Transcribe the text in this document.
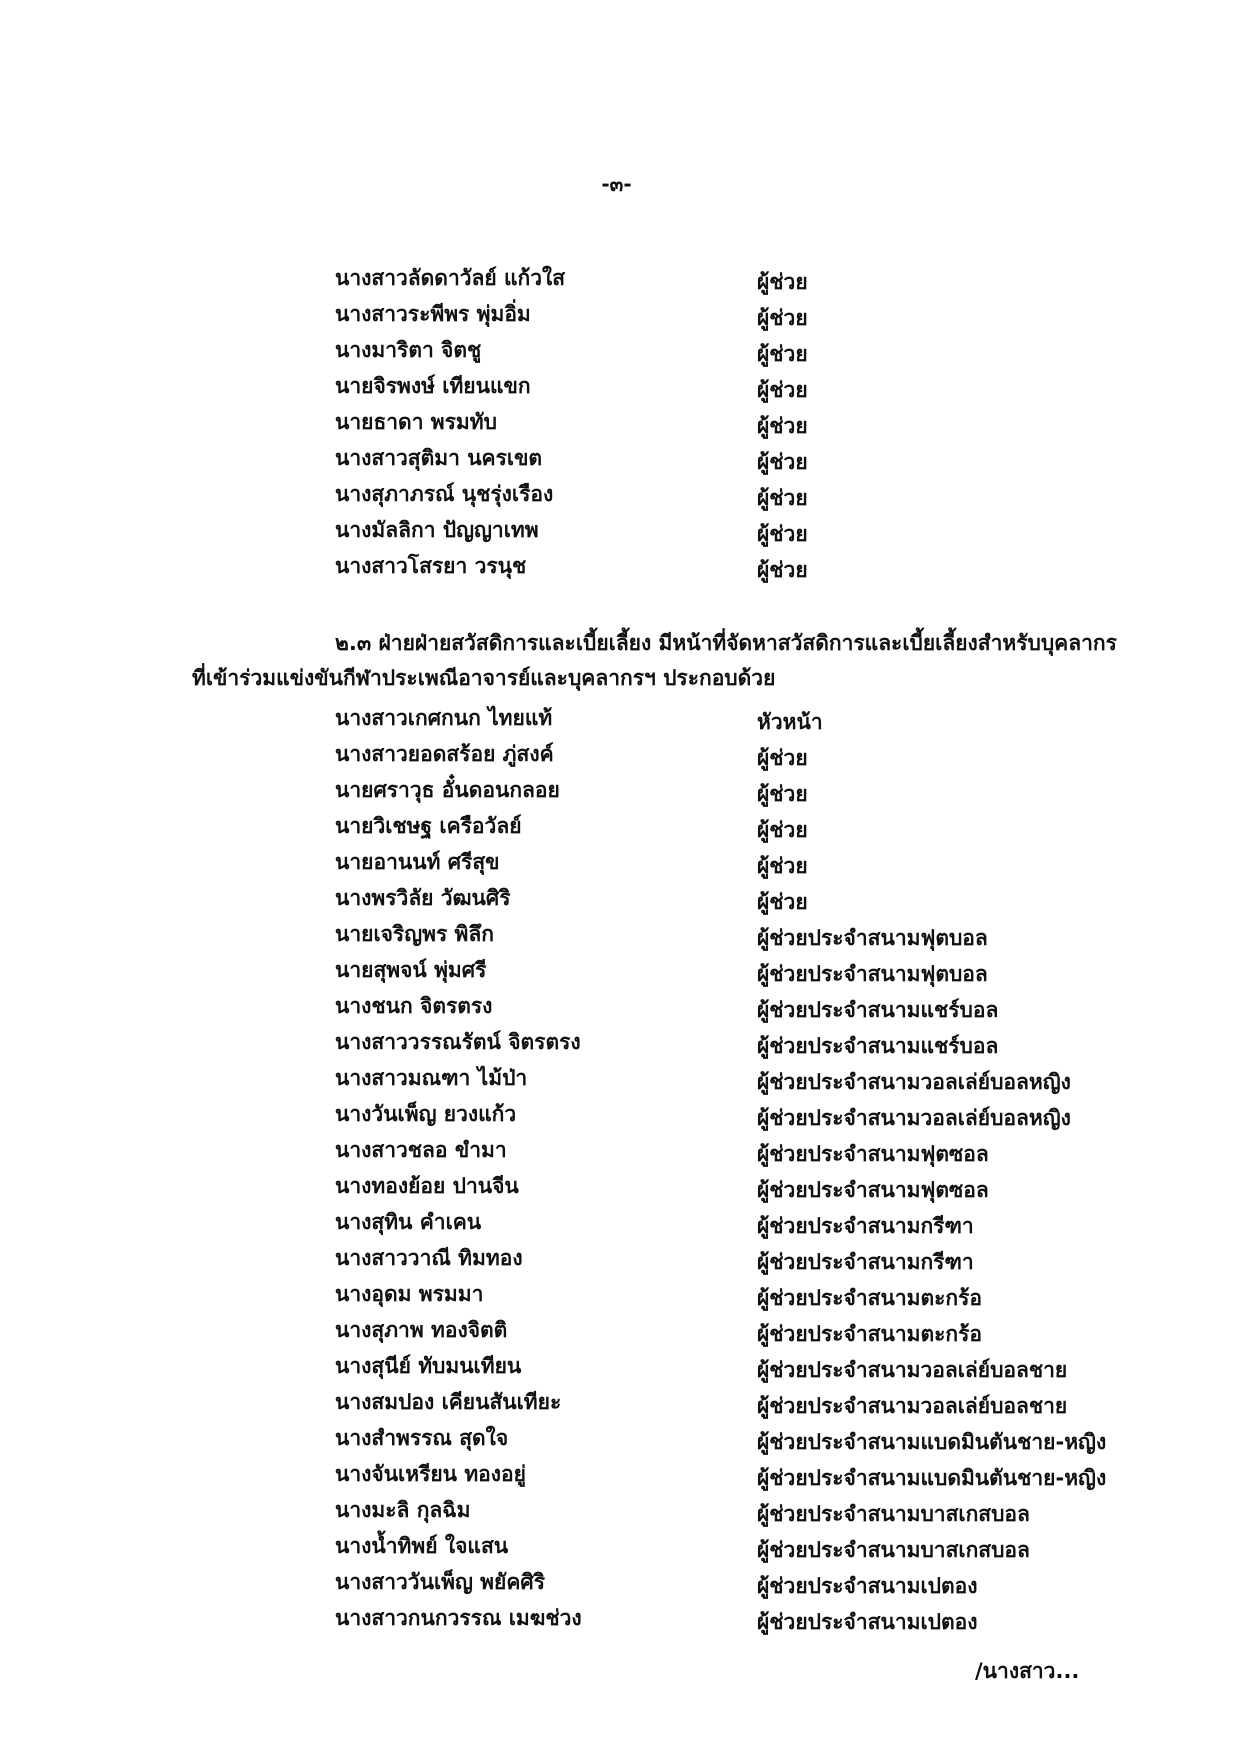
-๓-
นางสาวลัดดาวัลย์ แก้วใส	ผู้ช่วย
นางสาวระพีพร พุ่มอิ่ม	ผู้ช่วย
นางมาริตา จิตชู	ผู้ช่วย
นายจิรพงษ์ เทียนแขก	ผู้ช่วย
นายธาดา พรมทับ	ผู้ช่วย
นางสาวสุติมา นครเขต	ผู้ช่วย
นางสุภาภรณ์ นุชรุ่งเรือง	ผู้ช่วย
นางมัลลิกา ปัญญาเทพ	ผู้ช่วย
นางสาวโสรยา วรนุช	ผู้ช่วย
๒.๓ ฝ่ายฝ่ายสวัสดิการและเบี้ยเลี้ยง มีหน้าที่จัดหาสวัสดิการและเบี้ยเลี้ยงสำหรับบุคลากร
ที่เข้าร่วมแข่งขันกีฬาประเพณีอาจารย์และบุคลากรฯ ประกอบด้วย
นางสาวเกศกนก ไทยแท้	หัวหน้า
นางสาวยอดสร้อย ภู่สงค์	ผู้ช่วย
นายศราวุธ อั๋นดอนกลอย	ผู้ช่วย
นายวิเชษฐ เครือวัลย์	ผู้ช่วย
นายอานนท์ ศรีสุข	ผู้ช่วย
นางพรวิลัย วัฒนศิริ	ผู้ช่วย
นายเจริญพร พิลึก	ผู้ช่วยประจำสนามฟุตบอล
นายสุพจน์ พุ่มศรี	ผู้ช่วยประจำสนามฟุตบอล
นางชนก จิตรตรง	ผู้ช่วยประจำสนามแชร์บอล
นางสาววรรณรัตน์ จิตรตรง	ผู้ช่วยประจำสนามแชร์บอล
นางสาวมณฑา ไม้ป่า	ผู้ช่วยประจำสนามวอลเล่ย์บอลหญิง
นางวันเพ็ญ ยวงแก้ว	ผู้ช่วยประจำสนามวอลเล่ย์บอลหญิง
นางสาวชลอ ขำมา	ผู้ช่วยประจำสนามฟุตซอล
นางทองย้อย ปานจีน	ผู้ช่วยประจำสนามฟุตซอล
นางสุทิน คำเคน	ผู้ช่วยประจำสนามกรีฑา
นางสาววาณี ทิมทอง	ผู้ช่วยประจำสนามกรีฑา
นางอุดม พรมมา	ผู้ช่วยประจำสนามตะกร้อ
นางสุภาพ ทองจิตติ	ผู้ช่วยประจำสนามตะกร้อ
นางสุนีย์ ทับมนเทียน	ผู้ช่วยประจำสนามวอลเล่ย์บอลชาย
นางสมปอง เคียนสันเทียะ	ผู้ช่วยประจำสนามวอลเล่ย์บอลชาย
นางสำพรรณ สุดใจ	ผู้ช่วยประจำสนามแบดมินตันชาย-หญิง
นางจันเหรียน ทองอยู่	ผู้ช่วยประจำสนามแบดมินตันชาย-หญิง
นางมะลิ กุลฉิม	ผู้ช่วยประจำสนามบาสเกสบอล
นางน้ำทิพย์ ใจแสน	ผู้ช่วยประจำสนามบาสเกสบอล
นางสาววันเพ็ญ พยัคศิริ	ผู้ช่วยประจำสนามเปตอง
นางสาวกนกวรรณ เมฆช่วง	ผู้ช่วยประจำสนามเปตอง
/นางสาว...
